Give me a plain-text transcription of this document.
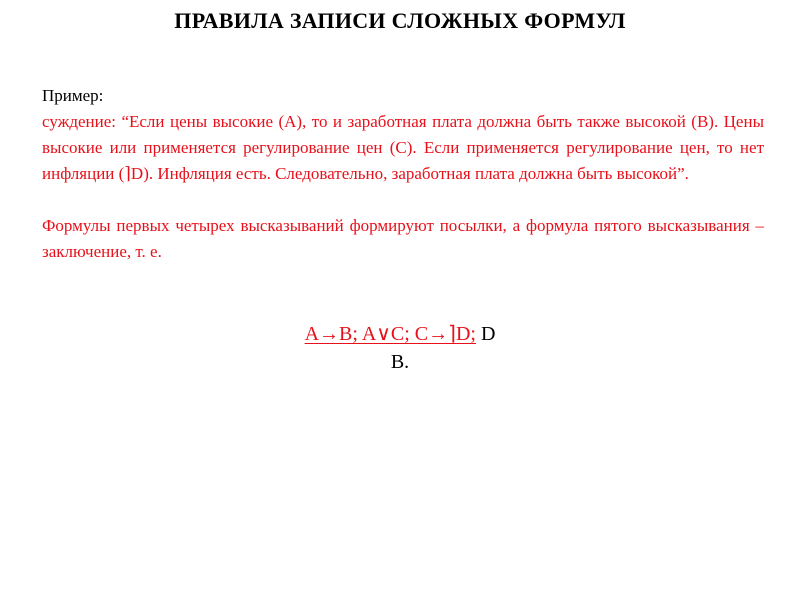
ПРАВИЛА ЗАПИСИ СЛОЖНЫХ ФОРМУЛ
Пример:
суждение: “Если цены высокие (A), то и заработная плата должна быть также высокой (B). Цены высокие или применяется регулирование цен (C). Если применяется регулирование цен, то нет инфляции (⌉D). Инфляция есть. Следовательно, заработная плата должна быть высокой”.
Формулы первых четырех высказываний формируют посылки, а формула пятого высказывания – заключение, т. е.
A→B; A∨C; C→⌉D; D
B.
